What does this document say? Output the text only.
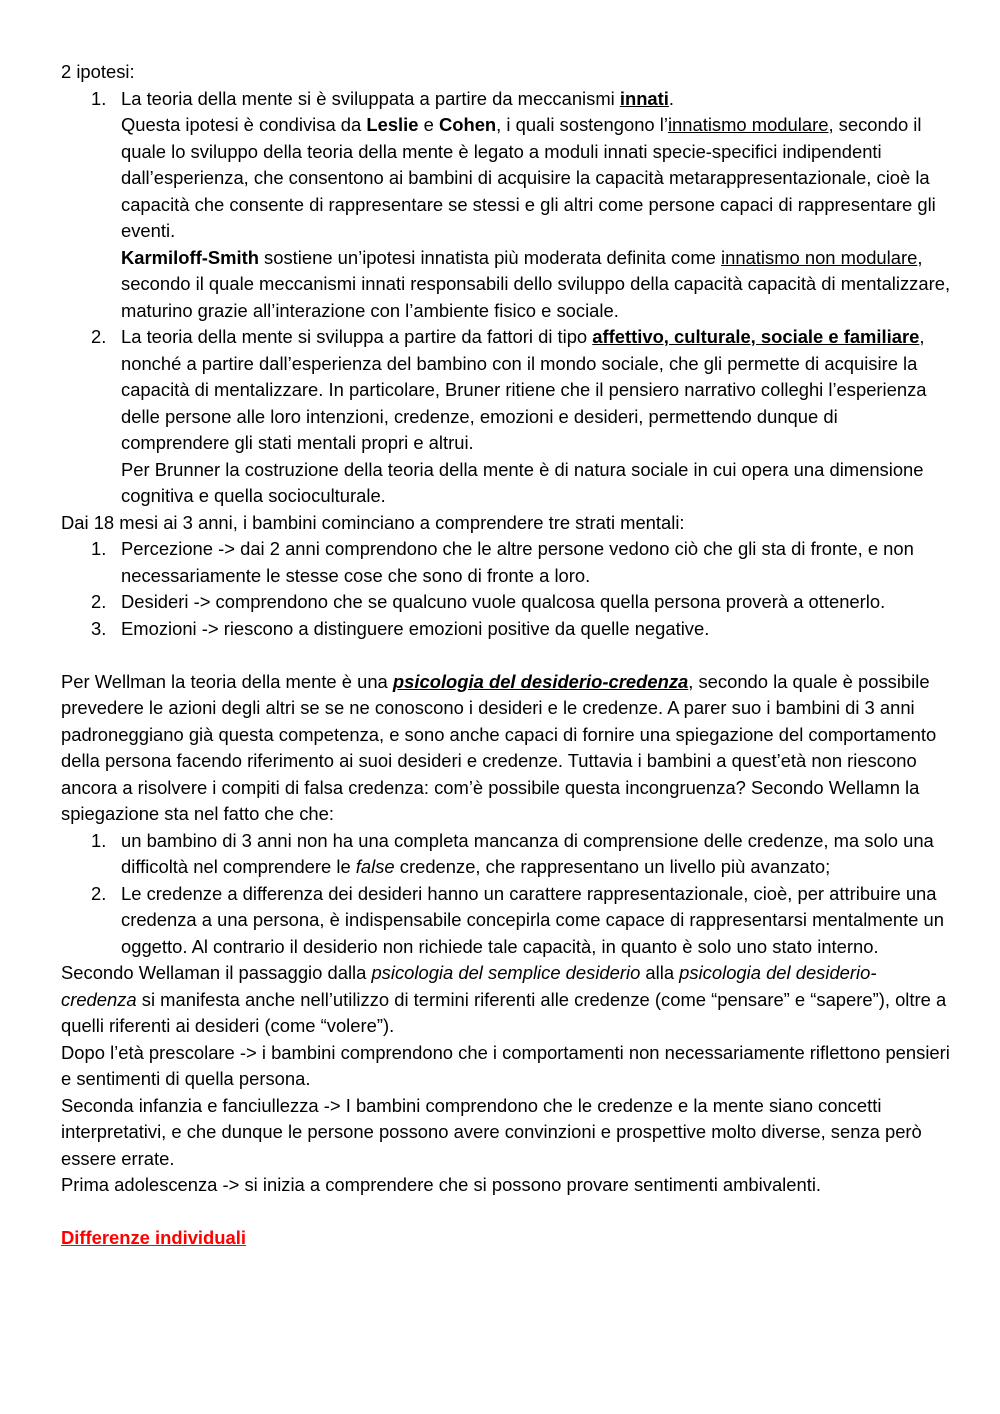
2 ipotesi:

1. La teoria della mente si è sviluppata a partire da meccanismi innati.

Questa ipotesi è condivisa da Leslie e Cohen, i quali sostengono l’innatismo modulare, secondo il quale lo sviluppo della teoria della mente è legato a moduli innati specie-specifici indipendenti dall’esperienza, che consentono ai bambini di acquisire la capacità metarappresentazionale, cioè la capacità che consente di rappresentare se stessi e gli altri come persone capaci di rappresentare gli eventi.

Karmiloff-Smith sostiene un’ipotesi innatista più moderata definita come innatismo non modulare, secondo il quale meccanismi innati responsabili dello sviluppo della capacità capacità di mentalizzare, maturino grazie all’interazione con l’ambiente fisico e sociale.

2. La teoria della mente si sviluppa a partire da fattori di tipo affettivo, culturale, sociale e familiare, nonché a partire dall’esperienza del bambino con il mondo sociale, che gli permette di acquisire la capacità di mentalizzare. In particolare, Bruner ritiene che il pensiero narrativo colleghi l’esperienza delle persone alle loro intenzioni, credenze, emozioni e desideri, permettendo dunque di comprendere gli stati mentali propri e altrui.

Per Brunner la costruzione della teoria della mente è di natura sociale in cui opera una dimensione cognitiva e quella socioculturale.

Dai 18 mesi ai 3 anni, i bambini cominciano a comprendere tre strati mentali:

1. Percezione -> dai 2 anni comprendono che le altre persone vedono ciò che gli sta di fronte, e non necessariamente le stesse cose che sono di fronte a loro.
2. Desideri -> comprendono che se qualcuno vuole qualcosa quella persona proverà a ottenerlo.
3. Emozioni -> riescono a distinguere emozioni positive da quelle negative.

Per Wellman la teoria della mente è una psicologia del desiderio-credenza, secondo la quale è possibile prevedere le azioni degli altri se se ne conoscono i desideri e le credenze. A parer suo i bambini di 3 anni padroneggiano già questa competenza, e sono anche capaci di fornire una spiegazione del comportamento della persona facendo riferimento ai suoi desideri e credenze. Tuttavia i bambini a quest’età non riescono ancora a risolvere i compiti di falsa credenza: com’è possibile questa incongruenza? Secondo Wellamn la spiegazione sta nel fatto che che:

1. un bambino di 3 anni non ha una completa mancanza di comprensione delle credenze, ma solo una difficoltà nel comprendere le false credenze, che rappresentano un livello più avanzato;
2. Le credenze a differenza dei desideri hanno un carattere rappresentazionale, cioè, per attribuire una credenza a una persona, è indispensabile concepirla come capace di rappresentarsi mentalmente un oggetto. Al contrario il desiderio non richiede tale capacità, in quanto è solo uno stato interno.

Secondo Wellaman il passaggio dalla psicologia del semplice desiderio alla psicologia del desiderio-credenza si manifesta anche nell’utilizzo di termini riferenti alle credenze (come “pensare” e “sapere”), oltre a quelli riferenti ai desideri (come “volere”).

Dopo l’età prescolare -> i bambini comprendono che i comportamenti non necessariamente riflettono pensieri e sentimenti di quella persona.

Seconda infanzia e fanciullezza -> I bambini comprendono che le credenze e la mente siano concetti interpretativi, e che dunque le persone possono avere convinzioni e prospettive molto diverse, senza però essere errate.

Prima adolescenza -> si inizia a comprendere che si possono provare sentimenti ambivalenti.

Differenze individuali
